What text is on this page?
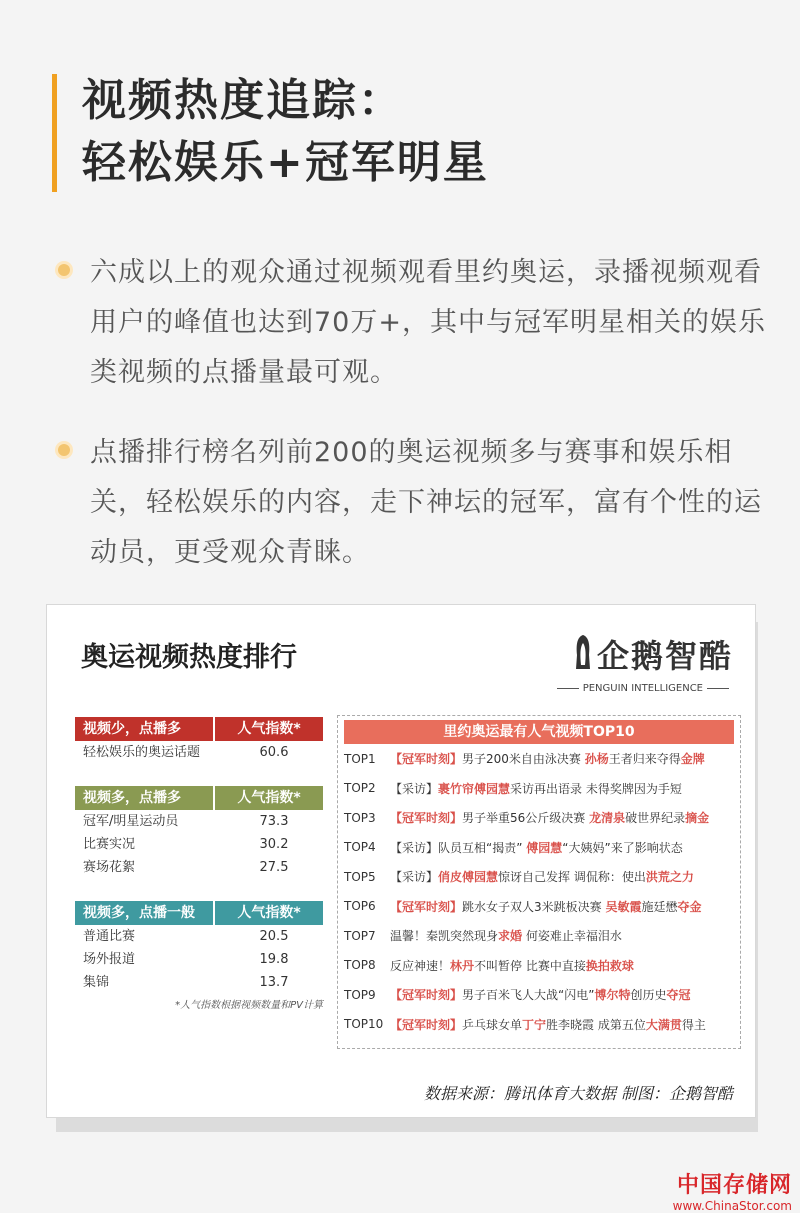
视频热度追踪：
轻松娱乐+冠军明星
六成以上的观众通过视频观看里约奥运，录播视频观看用户的峰值也达到70万+，其中与冠军明星相关的娱乐类视频的点播量最可观。
点播排行榜名列前200的奥运视频多与赛事和娱乐相关，轻松娱乐的内容，走下神坛的冠军，富有个性的运动员，更受观众青睐。
奥运视频热度排行	企鹅智酷
PENGUIN INTELLIGENCE
视频少，点播多	人气指数*
轻松娱乐的奥运话题	60.6
视频多，点播多	人气指数*
冠军/明星运动员	73.3
比赛实况	30.2
赛场花絮	27.5
视频多，点播一般	人气指数*
普通比赛	20.5
场外报道	19.8
集锦	13.7
*人气指数根据视频数量和PV计算
里约奥运最有人气视频TOP10
TOP1	【冠军时刻】男子200米自由泳决赛 孙杨王者归来夺得金牌
TOP2	【采访】裹竹帘傅园慧采访再出语录 未得奖牌因为手短
TOP3	【冠军时刻】男子举重56公斤级决赛 龙清泉破世界纪录摘金
TOP4	【采访】队员互相“揭责” 傅园慧“大姨妈”来了影响状态
TOP5	【采访】俏皮傅园慧惊讶自己发挥 调侃称：使出洪荒之力
TOP6	【冠军时刻】跳水女子双人3米跳板决赛 吴敏霞施廷懋夺金
TOP7	温馨！秦凯突然现身求婚 何姿难止幸福泪水
TOP8	反应神速！林丹不叫暂停 比赛中直接换拍救球
TOP9	【冠军时刻】男子百米飞人大战“闪电”博尔特创历史夺冠
TOP10 【冠军时刻】乒乓球女单丁宁胜李晓霞 成第五位大满贯得主
数据来源：腾讯体育大数据 制图：企鹅智酷
中国存储网
www.ChinaStor.com
